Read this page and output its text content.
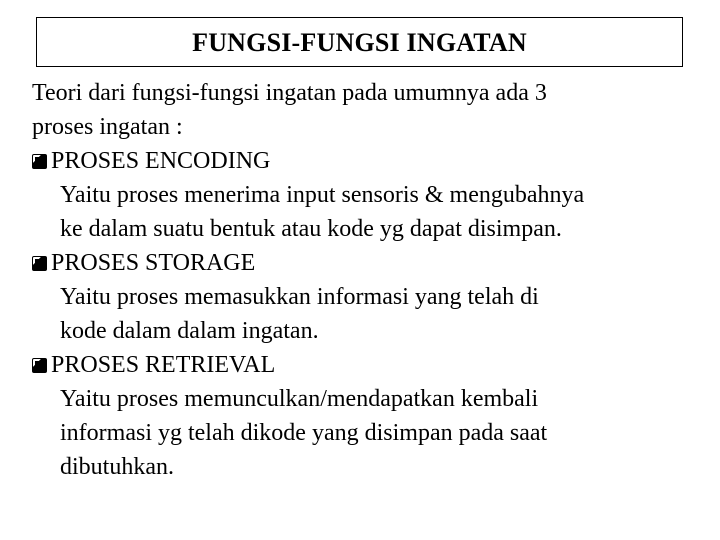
FUNGSI-FUNGSI INGATAN
Teori dari fungsi-fungsi ingatan pada umumnya ada 3
proses ingatan :
PROSES ENCODING
Yaitu proses menerima input sensoris & mengubahnya
ke dalam suatu bentuk atau kode yg dapat disimpan.
PROSES STORAGE
Yaitu proses memasukkan informasi yang telah di
kode dalam dalam ingatan.
PROSES RETRIEVAL
Yaitu proses memunculkan/mendapatkan kembali
informasi yg telah dikode yang disimpan pada saat
dibutuhkan.
